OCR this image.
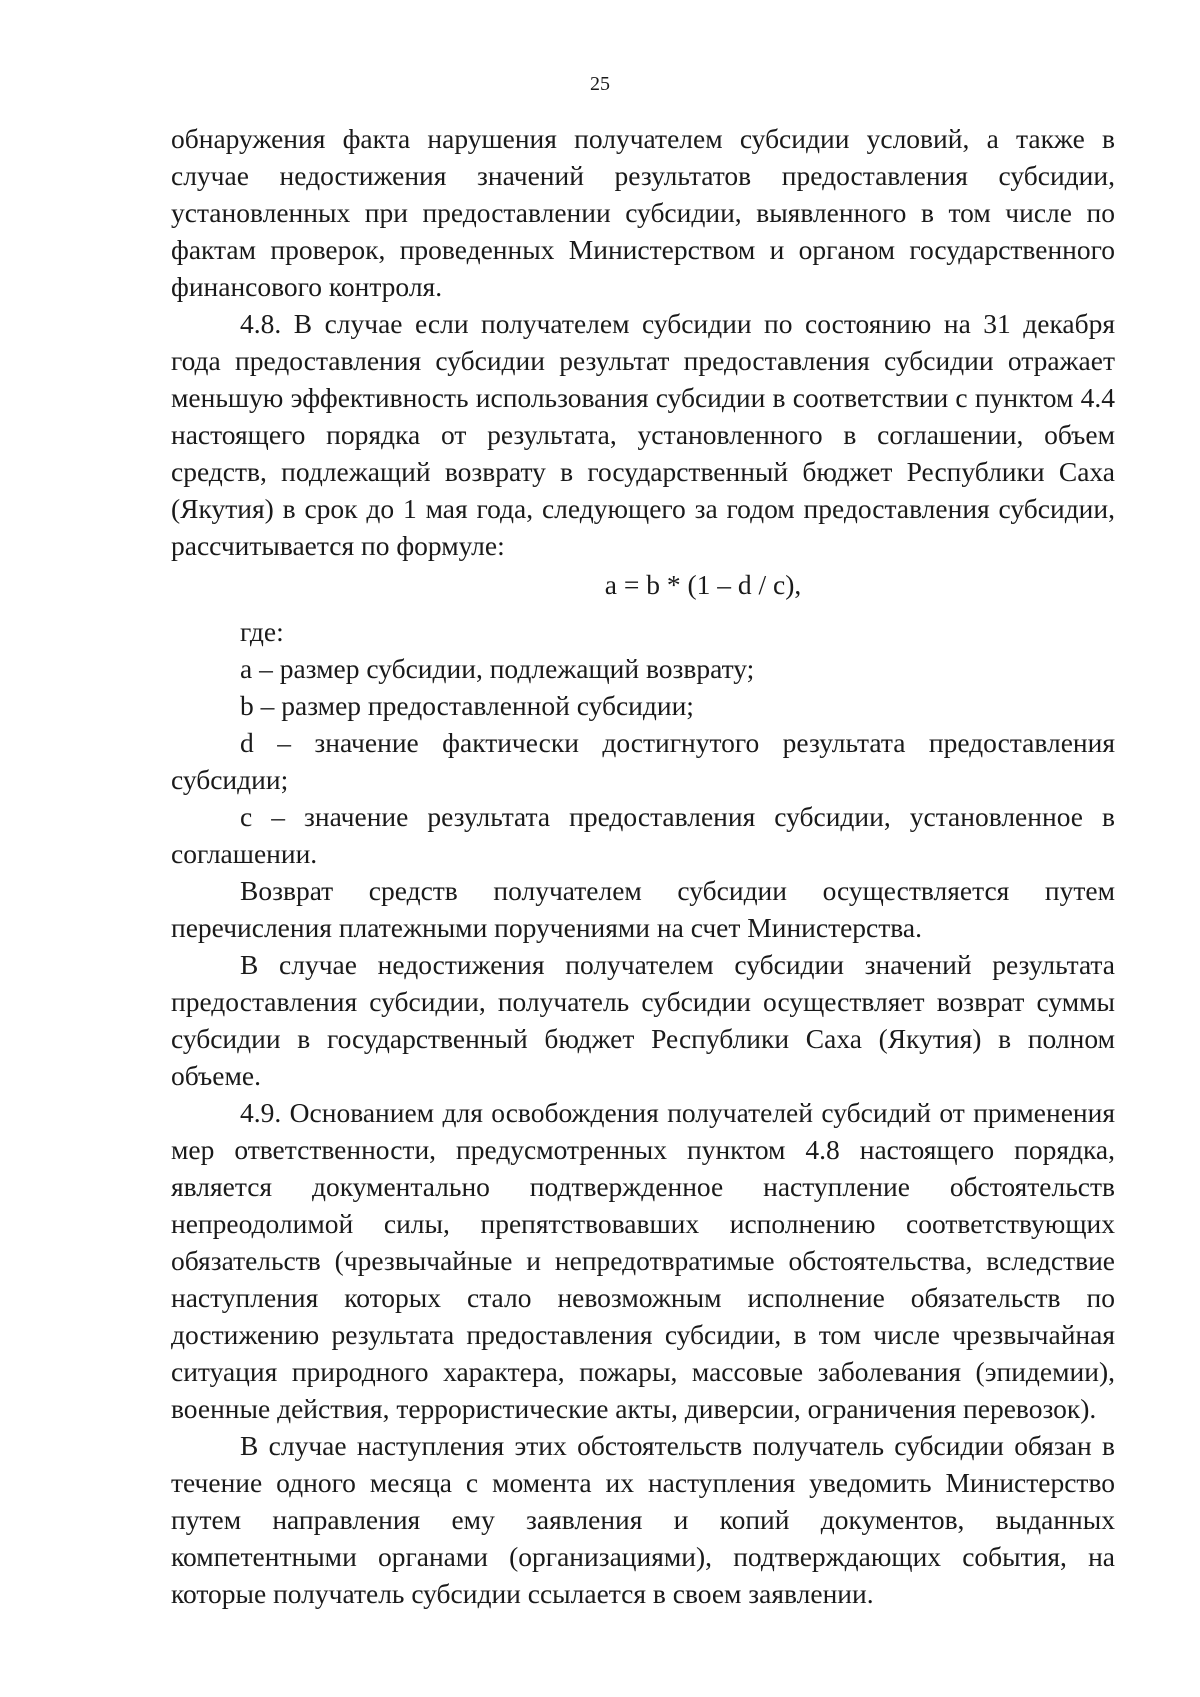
25

обнаружения факта нарушения получателем субсидии условий, а также в случае недостижения значений результатов предоставления субсидии, установленных при предоставлении субсидии, выявленного в том числе по фактам проверок, проведенных Министерством и органом государственного финансового контроля.

4.8. В случае если получателем субсидии по состоянию на 31 декабря года предоставления субсидии результат предоставления субсидии отражает меньшую эффективность использования субсидии в соответствии с пунктом 4.4 настоящего порядка от результата, установленного в соглашении, объем средств, подлежащий возврату в государственный бюджет Республики Саха (Якутия) в срок до 1 мая года, следующего за годом предоставления субсидии, рассчитывается по формуле:

a = b * (1 – d / c),

где:

a – размер субсидии, подлежащий возврату;

b – размер предоставленной субсидии;

d – значение фактически достигнутого результата предоставления субсидии;

c – значение результата предоставления субсидии, установленное в соглашении.

Возврат средств получателем субсидии осуществляется путем перечисления платежными поручениями на счет Министерства.

В случае недостижения получателем субсидии значений результата предоставления субсидии, получатель субсидии осуществляет возврат суммы субсидии в государственный бюджет Республики Саха (Якутия) в полном объеме.

4.9. Основанием для освобождения получателей субсидий от применения мер ответственности, предусмотренных пунктом 4.8 настоящего порядка, является документально подтвержденное наступление обстоятельств непреодолимой силы, препятствовавших исполнению соответствующих обязательств (чрезвычайные и непредотвратимые обстоятельства, вследствие наступления которых стало невозможным исполнение обязательств по достижению результата предоставления субсидии, в том числе чрезвычайная ситуация природного характера, пожары, массовые заболевания (эпидемии), военные действия, террористические акты, диверсии, ограничения перевозок).

В случае наступления этих обстоятельств получатель субсидии обязан в течение одного месяца с момента их наступления уведомить Министерство путем направления ему заявления и копий документов, выданных компетентными органами (организациями), подтверждающих события, на которые получатель субсидии ссылается в своем заявлении.
